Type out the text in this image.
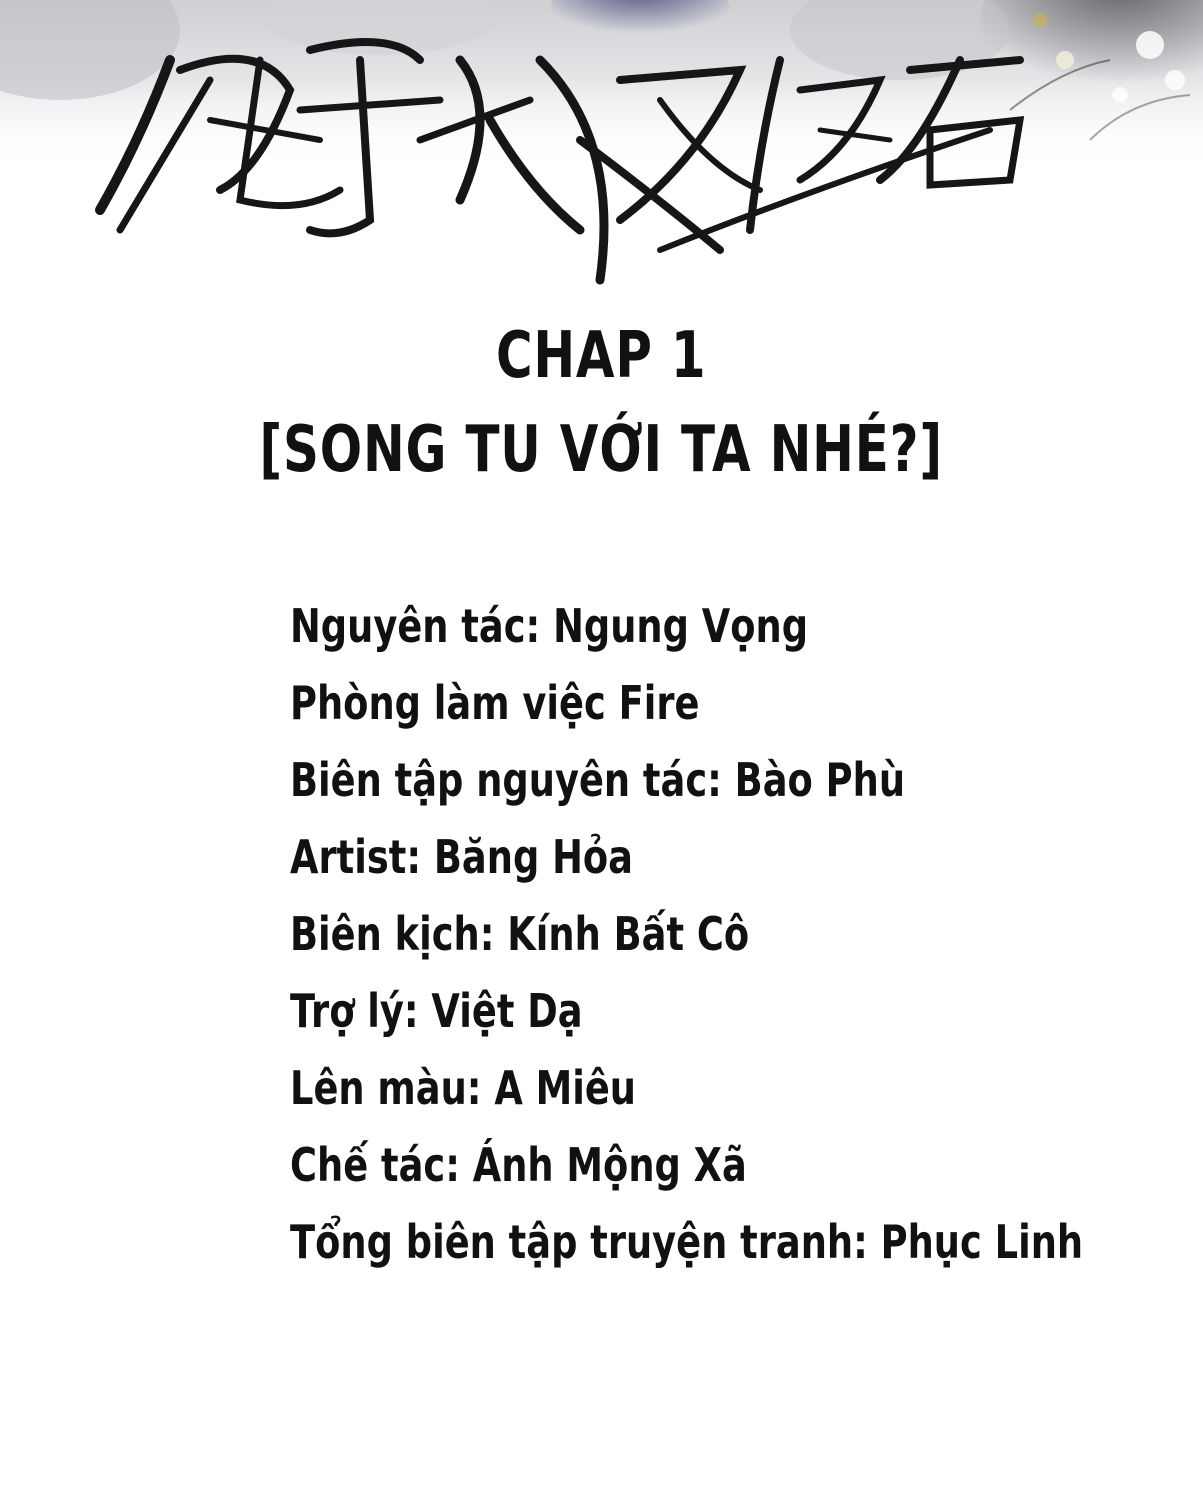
CHAP 1
[SONG TU VỚI TA NHÉ?]
Nguyên tác: Ngung Vọng
Phòng làm việc Fire
Biên tập nguyên tác: Bào Phù
Artist: Băng Hỏa
Biên kịch: Kính Bất Cô
Trợ lý: Việt Dạ
Lên màu: A Miêu
Chế tác: Ánh Mộng Xã
Tổng biên tập truyện tranh: Phục Linh
